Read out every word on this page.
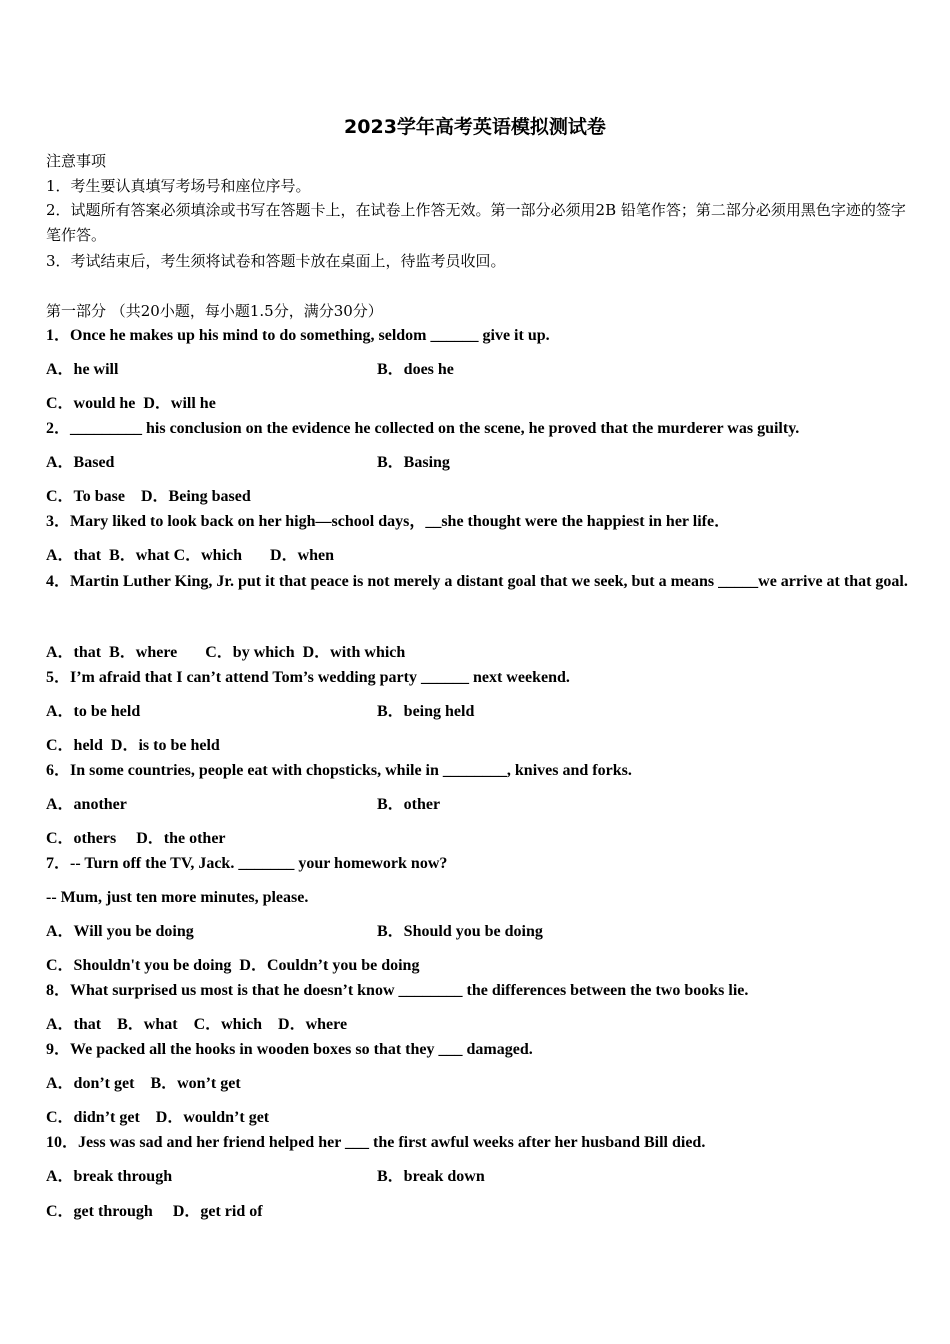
2023学年高考英语模拟测试卷
注意事项
1．考生要认真填写考场号和座位序号。
2．试题所有答案必须填涂或书写在答题卡上，在试卷上作答无效。第一部分必须用2B 铅笔作答；第二部分必须用黑色字迹的签字笔作答。
3．考试结束后，考生须将试卷和答题卡放在桌面上，待监考员收回。
第一部分 （共20小题，每小题1.5分，满分30分）
1．Once he makes up his mind to do something, seldom ______ give it up.
A．he will	B．does he
C．would he  D．will he
2．_________ his conclusion on the evidence he collected on the scene, he proved that the murderer was guilty.
A．Based	B．Basing
C．To base    D．Being based
3．Mary liked to look back on her high—school days，__she thought were the happiest in her life．
A．that  B．what C．which       D．when
4．Martin Luther King, Jr. put it that peace is not merely a distant goal that we seek, but a means _____we arrive at that goal.
A．that  B．where       C．by which  D．with which
5．I’m afraid that I can’t attend Tom’s wedding party ______ next weekend.
A．to be held	B．being held
C．held  D．is to be held
6．In some countries, people eat with chopsticks, while in ________, knives and forks.
A．another	B．other
C．others     D．the other
7．-- Turn off the TV, Jack. _______ your homework now?
-- Mum, just ten more minutes, please.
A．Will you be doing	B．Should you be doing
C．Shouldn't you be doing  D．Couldn’t you be doing
8．What surprised us most is that he doesn’t know ________ the differences between the two books lie.
A．that    B．what    C．which    D．where
9．We packed all the hooks in wooden boxes so that they ___ damaged.
A．don’t get    B．won’t get
C．didn’t get    D．wouldn’t get
10．Jess was sad and her friend helped her ___ the first awful weeks after her husband Bill died.
A．break through	B．break down
C．get through     D．get rid of
